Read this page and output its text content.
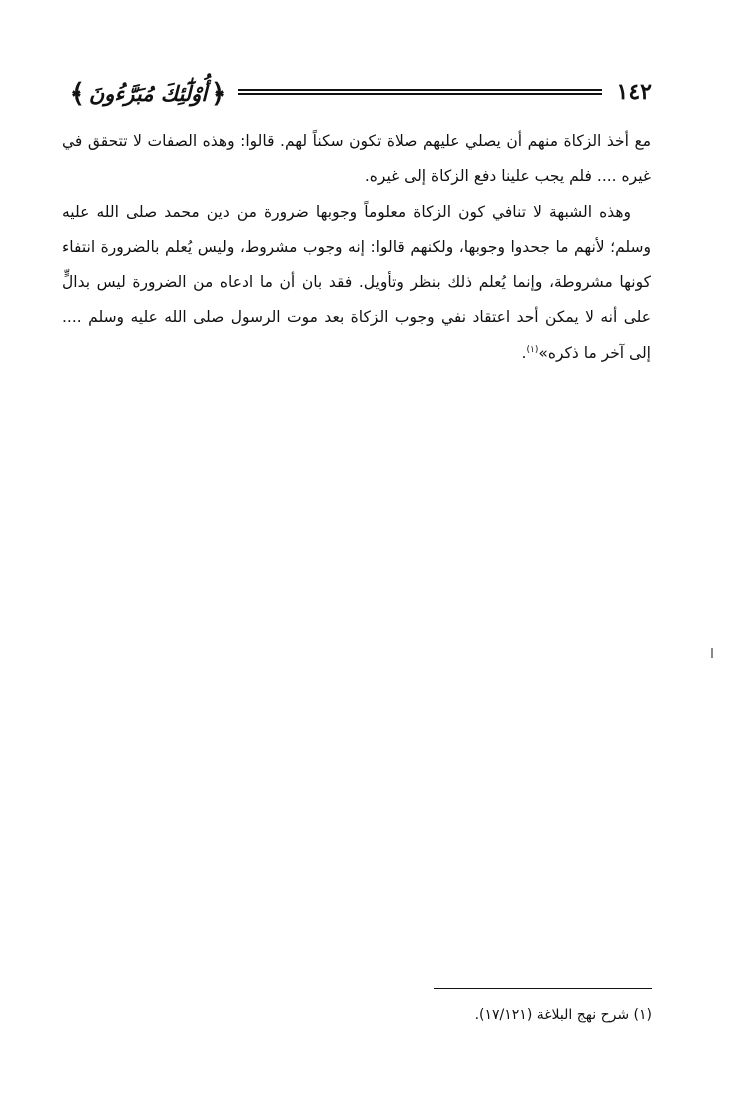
١٤٢
﴿
أُوْلَٰٓئِكَ مُبَرَّءُونَ
﴾

مع أخذ الزكاة منهم أن يصلي عليهم صلاة تكون سكناً لهم. قالوا: وهذه الصفات لا تتحقق في غيره .... فلم يجب علينا دفع الزكاة إلى غيره.

وهذه الشبهة لا تنافي كون الزكاة معلوماً وجوبها ضرورة من دين محمد صلى الله عليه وسلم؛ لأنهم ما جحدوا وجوبها، ولكنهم قالوا: إنه وجوب مشروط، وليس يُعلم بالضرورة انتفاء كونها مشروطة، وإنما يُعلم ذلك بنظر وتأويل. فقد بان أن ما ادعاه من الضرورة ليس بدالٍّ على أنه لا يمكن أحد اعتقاد نفي وجوب الزكاة بعد موت الرسول صلى الله عليه وسلم .... إلى آخر ما ذكره»$^{(١)}$.

(١) شرح نهج البلاغة (١٧/١٢١).
